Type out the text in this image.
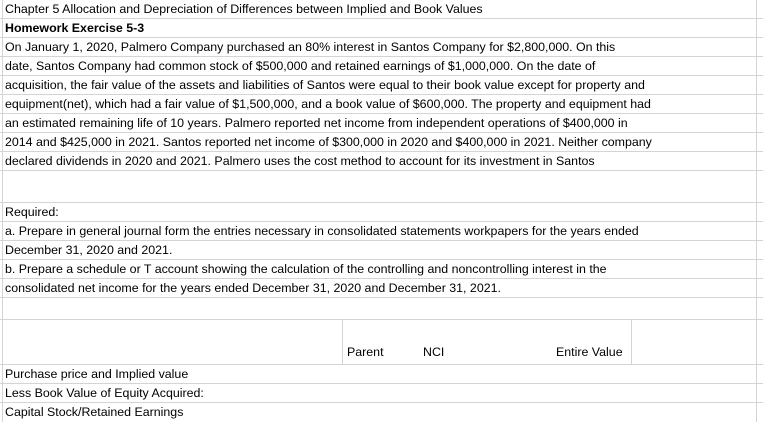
Chapter 5 Allocation and Depreciation of Differences between Implied and Book Values
Homework Exercise 5-3
On January 1, 2020, Palmero Company purchased an 80% interest in Santos Company for $2,800,000. On this
date, Santos Company had common stock of $500,000 and retained earnings of $1,000,000. On the date of
acquisition, the fair value of the assets and liabilities of Santos were equal to their book value except for property and
equipment(net), which had a fair value of $1,500,000, and a book value of $600,000. The property and equipment had
an estimated remaining life of 10 years. Palmero reported net income from independent operations of $400,000 in
2014 and $425,000 in 2021. Santos reported net income of $300,000 in 2020 and $400,000 in 2021. Neither company
declared dividends in 2020 and 2021. Palmero uses the cost method to account for its investment in Santos
Required:
a. Prepare in general journal form the entries necessary in consolidated statements workpapers for the years ended
December 31, 2020 and 2021.
b. Prepare a schedule or T account showing the calculation of the controlling and noncontrolling interest in the
consolidated net income for the years ended December 31, 2020 and December 31, 2021.
Parent	NCI	Entire Value
Purchase price and Implied value
Less Book Value of Equity Acquired:
Capital Stock/Retained Earnings
